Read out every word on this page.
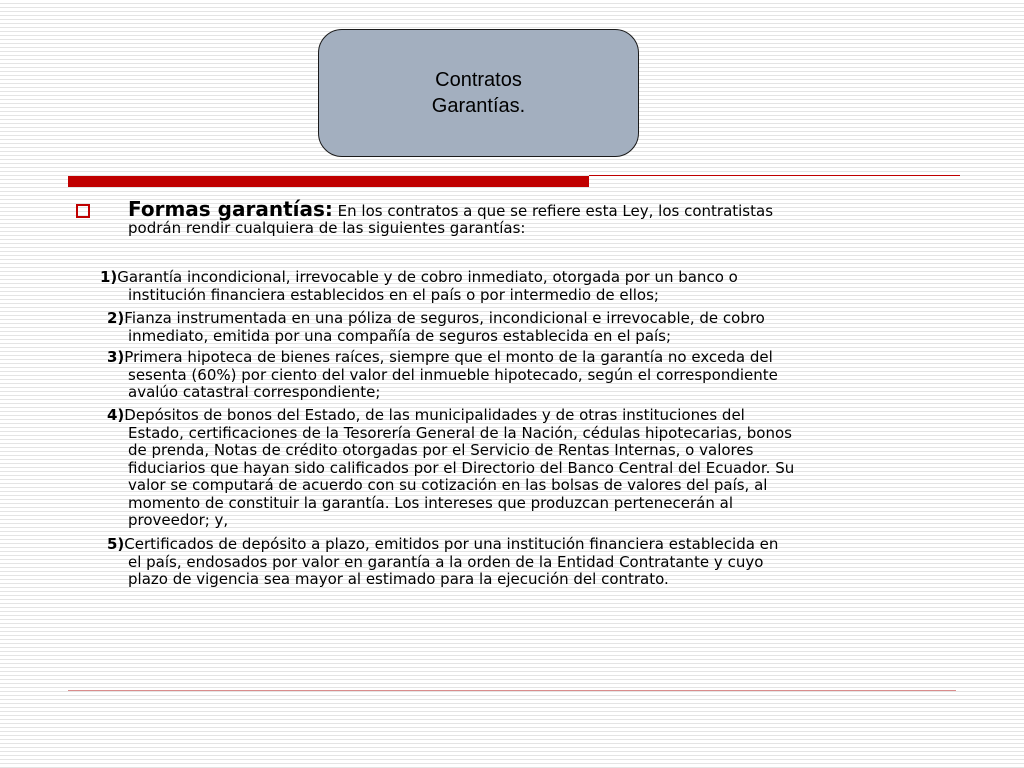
Contratos
Garantías.
Formas garantías: En los contratos a que se refiere esta Ley, los contratistas
podrán rendir cualquiera de las siguientes garantías:
1)Garantía incondicional, irrevocable y de cobro inmediato, otorgada por un banco o
institución financiera establecidos en el país o por intermedio de ellos;
2)Fianza instrumentada en una póliza de seguros, incondicional e irrevocable, de cobro
inmediato, emitida por una compañía de seguros establecida en el país;
3)Primera hipoteca de bienes raíces, siempre que el monto de la garantía no exceda del
sesenta (60%) por ciento del valor del inmueble hipotecado, según el correspondiente
avalúo catastral correspondiente;
4)Depósitos de bonos del Estado, de las municipalidades y de otras instituciones del
Estado, certificaciones de la Tesorería General de la Nación, cédulas hipotecarias, bonos
de prenda, Notas de crédito otorgadas por el Servicio de Rentas Internas, o valores
fiduciarios que hayan sido calificados por el Directorio del Banco Central del Ecuador. Su
valor se computará de acuerdo con su cotización en las bolsas de valores del país, al
momento de constituir la garantía. Los intereses que produzcan pertenecerán al
proveedor; y,
5)Certificados de depósito a plazo, emitidos por una institución financiera establecida en
el país, endosados por valor en garantía a la orden de la Entidad Contratante y cuyo
plazo de vigencia sea mayor al estimado para la ejecución del contrato.
